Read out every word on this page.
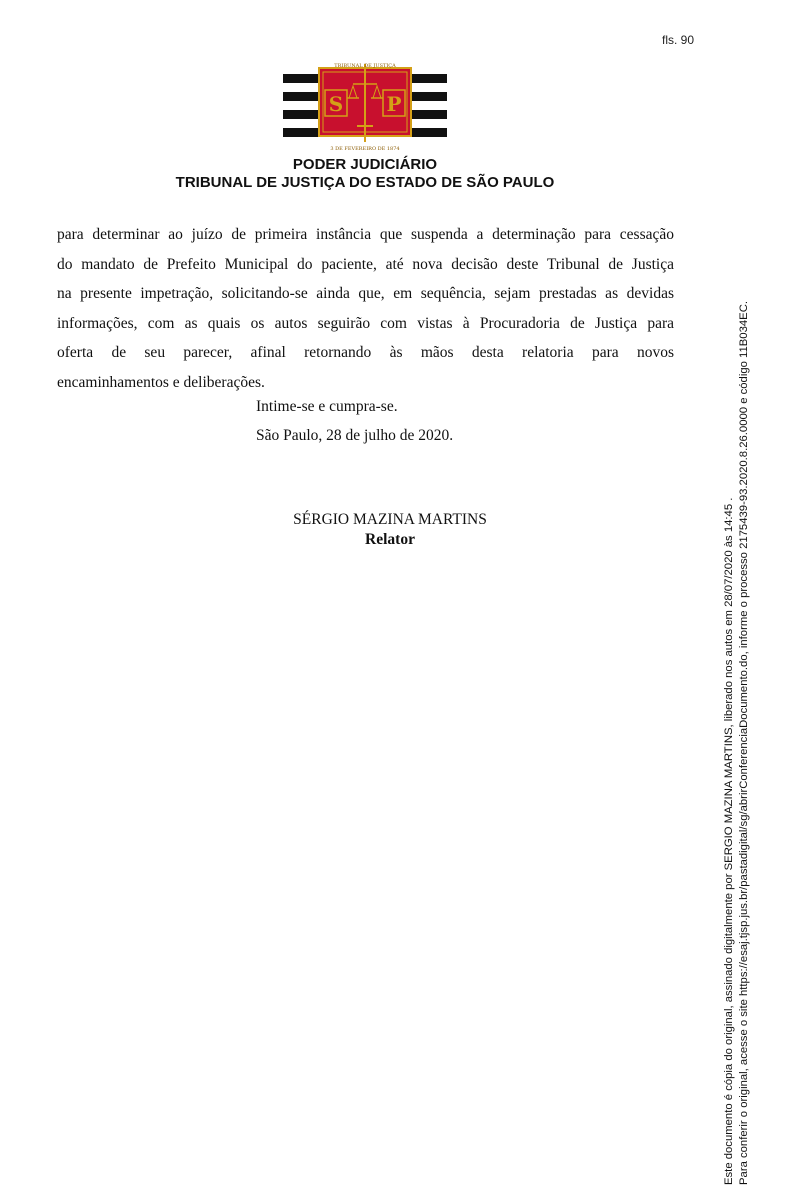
fls. 90
S P
TRIBUNAL DE JUSTIÇA
3 DE FEVEREIRO DE 1874
PODER JUDICIÁRIO
TRIBUNAL DE JUSTIÇA DO ESTADO DE SÃO PAULO
para determinar ao juízo de primeira instância que suspenda a determinação para cessação
do mandato de Prefeito Municipal do paciente, até nova decisão deste Tribunal de Justiça
na presente impetração, solicitando-se ainda que, em sequência, sejam prestadas as devidas
informações, com as quais os autos seguirão com vistas à Procuradoria de Justiça para
oferta de seu parecer, afinal retornando às mãos desta relatoria para novos
encaminhamentos e deliberações.
Intime-se e cumpra-se.
São Paulo, 28 de julho de 2020.
SÉRGIO MAZINA MARTINS
Relator	Este documento é cópia do original, assinado digitalmente por SERGIO MAZINA MARTINS, liberado nos autos em 28/07/2020 às 14:45 . Para conferir o original, acesse o site https://esaj.tjsp.jus.br/pastadigital/sg/abrirConferenciaDocumento.do, informe o processo 2175439-93.2020.8.26.0000 e código 11B034EC.
